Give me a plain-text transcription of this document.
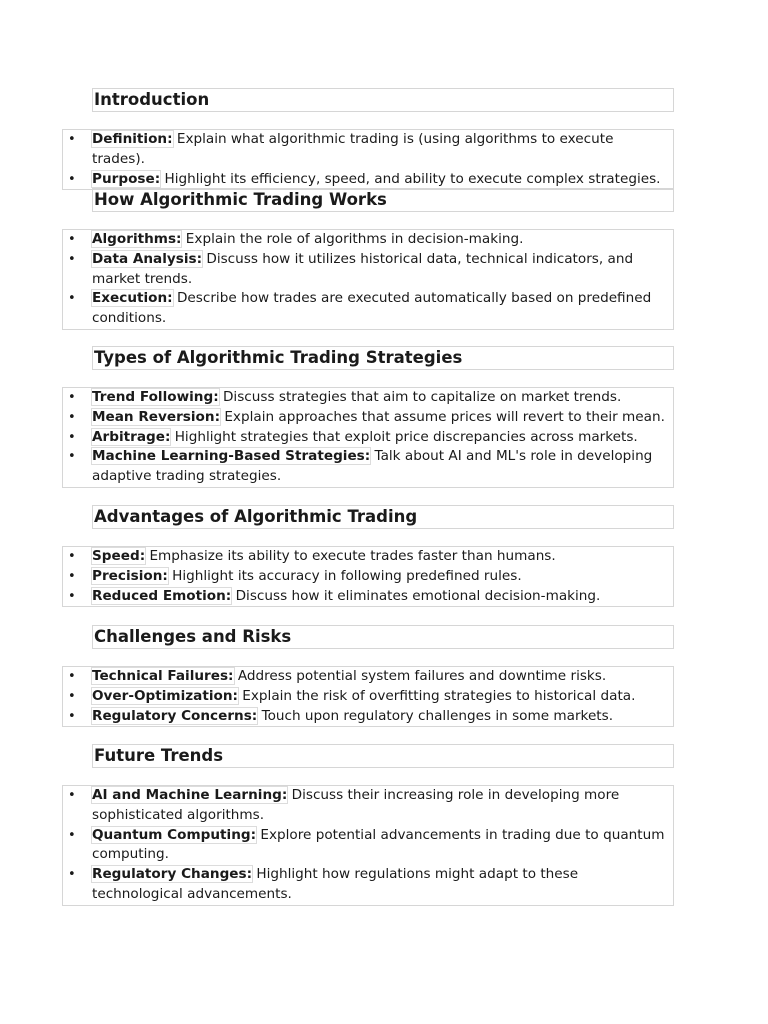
Introduction
• Definition: Explain what algorithmic trading is (using algorithms to execute trades).
• Purpose: Highlight its efficiency, speed, and ability to execute complex strategies.
How Algorithmic Trading Works
• Algorithms: Explain the role of algorithms in decision-making.
• Data Analysis: Discuss how it utilizes historical data, technical indicators, and market trends.
• Execution: Describe how trades are executed automatically based on predefined conditions.
Types of Algorithmic Trading Strategies
• Trend Following: Discuss strategies that aim to capitalize on market trends.
• Mean Reversion: Explain approaches that assume prices will revert to their mean.
• Arbitrage: Highlight strategies that exploit price discrepancies across markets.
• Machine Learning-Based Strategies: Talk about AI and ML's role in developing adaptive trading strategies.
Advantages of Algorithmic Trading
• Speed: Emphasize its ability to execute trades faster than humans.
• Precision: Highlight its accuracy in following predefined rules.
• Reduced Emotion: Discuss how it eliminates emotional decision-making.
Challenges and Risks
• Technical Failures: Address potential system failures and downtime risks.
• Over-Optimization: Explain the risk of overfitting strategies to historical data.
• Regulatory Concerns: Touch upon regulatory challenges in some markets.
Future Trends
• AI and Machine Learning: Discuss their increasing role in developing more sophisticated algorithms.
• Quantum Computing: Explore potential advancements in trading due to quantum computing.
• Regulatory Changes: Highlight how regulations might adapt to these technological advancements.
